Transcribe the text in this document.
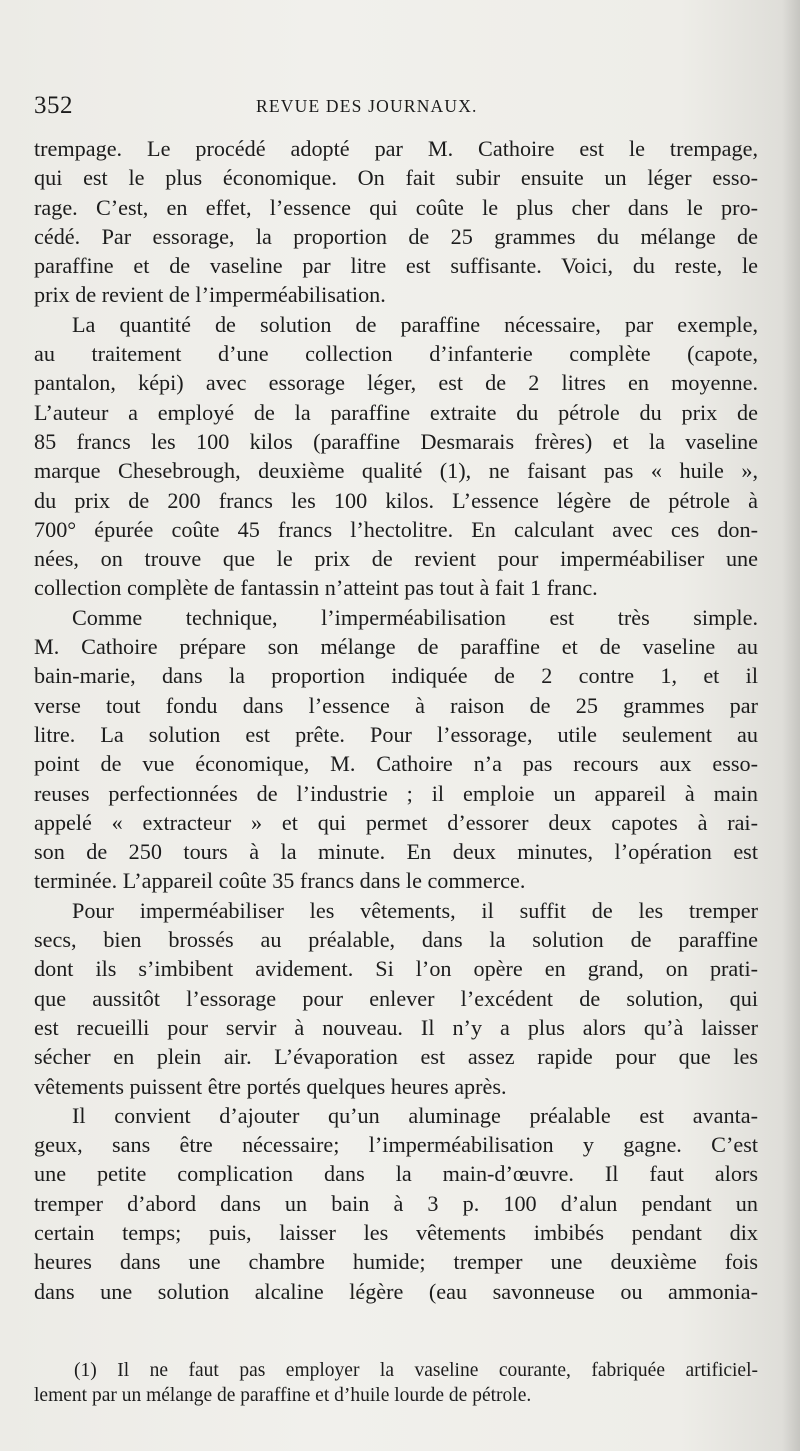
352	REVUE DES JOURNAUX.
trempage. Le procédé adopté par M. Cathoire est le trempage,
qui est le plus économique. On fait subir ensuite un léger esso-
rage. C’est, en effet, l’essence qui coûte le plus cher dans le pro-
cédé. Par essorage, la proportion de 25 grammes du mélange de
paraffine et de vaseline par litre est suffisante. Voici, du reste, le
prix de revient de l’imperméabilisation.
La quantité de solution de paraffine nécessaire, par exemple,
au traitement d’une collection d’infanterie complète (capote,
pantalon, képi) avec essorage léger, est de 2 litres en moyenne.
L’auteur a employé de la paraffine extraite du pétrole du prix de
85 francs les 100 kilos (paraffine Desmarais frères) et la vaseline
marque Chesebrough, deuxième qualité (1), ne faisant pas « huile »,
du prix de 200 francs les 100 kilos. L’essence légère de pétrole à
700° épurée coûte 45 francs l’hectolitre. En calculant avec ces don-
nées, on trouve que le prix de revient pour imperméabiliser une
collection complète de fantassin n’atteint pas tout à fait 1 franc.
Comme technique, l’imperméabilisation est très simple.
M. Cathoire prépare son mélange de paraffine et de vaseline au
bain-marie, dans la proportion indiquée de 2 contre 1, et il
verse tout fondu dans l’essence à raison de 25 grammes par
litre. La solution est prête. Pour l’essorage, utile seulement au
point de vue économique, M. Cathoire n’a pas recours aux esso-
reuses perfectionnées de l’industrie ; il emploie un appareil à main
appelé « extracteur » et qui permet d’essorer deux capotes à rai-
son de 250 tours à la minute. En deux minutes, l’opération est
terminée. L’appareil coûte 35 francs dans le commerce.
Pour imperméabiliser les vêtements, il suffit de les tremper
secs, bien brossés au préalable, dans la solution de paraffine
dont ils s’imbibent avidement. Si l’on opère en grand, on prati-
que aussitôt l’essorage pour enlever l’excédent de solution, qui
est recueilli pour servir à nouveau. Il n’y a plus alors qu’à laisser
sécher en plein air. L’évaporation est assez rapide pour que les
vêtements puissent être portés quelques heures après.
Il convient d’ajouter qu’un aluminage préalable est avanta-
geux, sans être nécessaire; l’imperméabilisation y gagne. C’est
une petite complication dans la main-d’œuvre. Il faut alors
tremper d’abord dans un bain à 3 p. 100 d’alun pendant un
certain temps; puis, laisser les vêtements imbibés pendant dix
heures dans une chambre humide; tremper une deuxième fois
dans une solution alcaline légère (eau savonneuse ou ammonia-
(1) Il ne faut pas employer la vaseline courante, fabriquée artificiel-
lement par un mélange de paraffine et d’huile lourde de pétrole.
